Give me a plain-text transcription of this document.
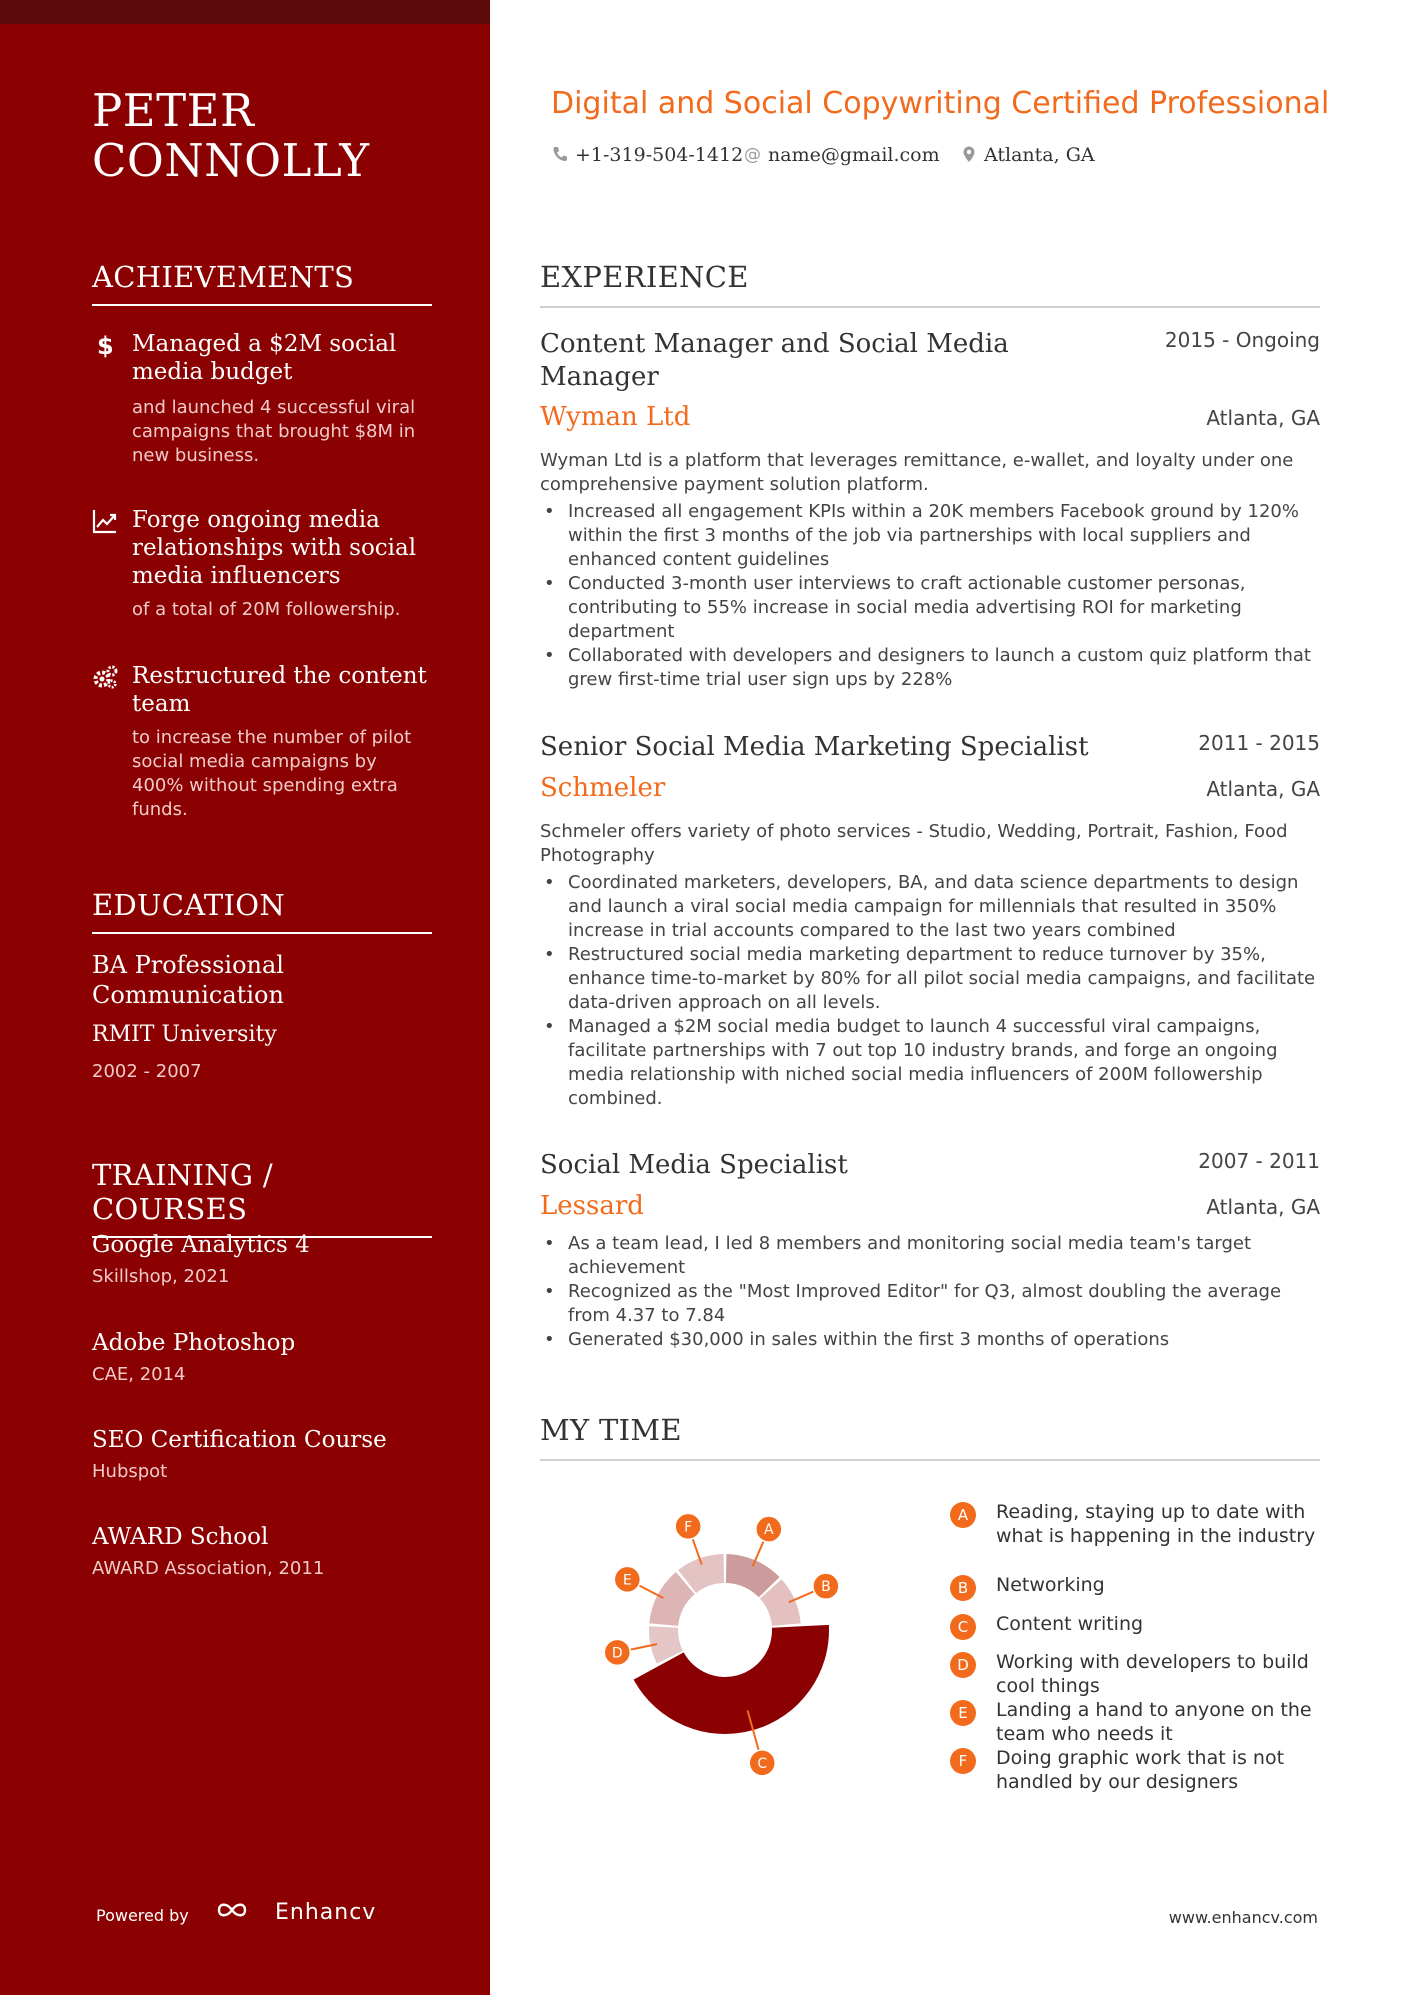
PETER
CONNOLLY
ACHIEVEMENTS
$ Managed a $2M social media budget
and launched 4 successful viral campaigns that brought $8M in new business.
Forge ongoing media relationships with social media influencers
of a total of 20M followership.
Restructured the content team
to increase the number of pilot social media campaigns by 400% without spending extra funds.
EDUCATION
BA Professional Communication
RMIT University
2002 - 2007
TRAINING / COURSES
Google Analytics 4
Skillshop, 2021
Adobe Photoshop
CAE, 2014
SEO Certification Course
Hubspot
AWARD School
AWARD Association, 2011
Powered by	Enhancv
Digital and Social Copywriting Certified Professional
+1-319-504-1412 @ name@gmail.com	Atlanta, GA
EXPERIENCE
Content Manager and Social Media Manager
2015 - Ongoing
Wyman Ltd	Atlanta, GA
Wyman Ltd is a platform that leverages remittance, e-wallet, and loyalty under one comprehensive payment solution platform.
• Increased all engagement KPIs within a 20K members Facebook ground by 120% within the first 3 months of the job via partnerships with local suppliers and enhanced content guidelines
• Conducted 3-month user interviews to craft actionable customer personas, contributing to 55% increase in social media advertising ROI for marketing department
• Collaborated with developers and designers to launch a custom quiz platform that grew first-time trial user sign ups by 228%
Senior Social Media Marketing Specialist	2011 - 2015
Schmeler	Atlanta, GA
Schmeler offers variety of photo services - Studio, Wedding, Portrait, Fashion, Food Photography
• Coordinated marketers, developers, BA, and data science departments to design and launch a viral social media campaign for millennials that resulted in 350% increase in trial accounts compared to the last two years combined
• Restructured social media marketing department to reduce turnover by 35%, enhance time-to-market by 80% for all pilot social media campaigns, and facilitate data-driven approach on all levels.
• Managed a $2M social media budget to launch 4 successful viral campaigns, facilitate partnerships with 7 out top 10 industry brands, and forge an ongoing media relationship with niched social media influencers of 200M followership combined.
Social Media Specialist	2007 - 2011
Lessard	Atlanta, GA
• As a team lead, I led 8 members and monitoring social media team's target achievement
• Recognized as the "Most Improved Editor" for Q3, almost doubling the average from 4.37 to 7.84
• Generated $30,000 in sales within the first 3 months of operations
MY TIME
A
B
C
D
E
F
A	Reading, staying up to date with what is happening in the industry
B	Networking
C	Content writing
D	Working with developers to build cool things
E	Landing a hand to anyone on the team who needs it
F	Doing graphic work that is not handled by our designers
www.enhancv.com
